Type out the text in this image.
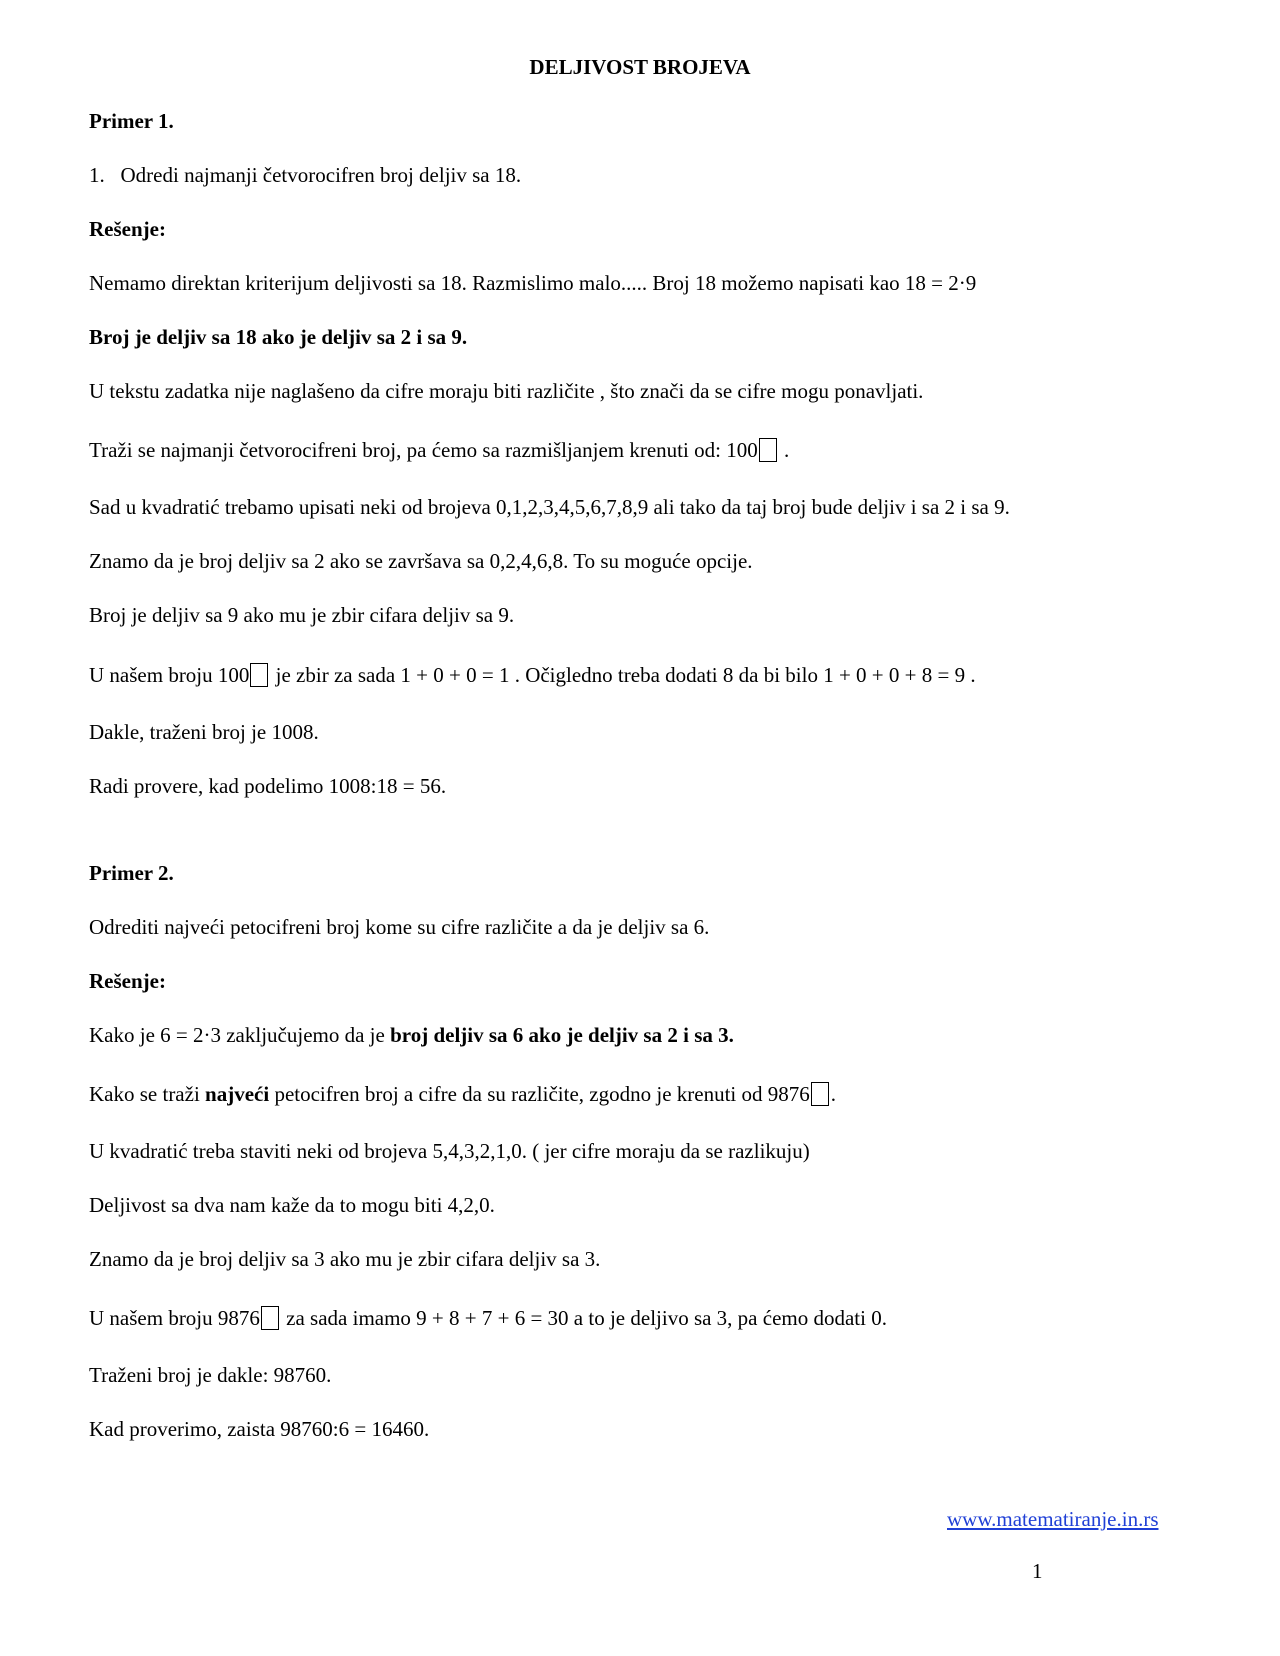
DELJIVOST BROJEVA
Primer 1.
1. Odredi najmanji četvorocifren broj deljiv sa 18.
Rešenje:
Nemamo direktan kriterijum deljivosti sa 18. Razmislimo malo..... Broj 18 možemo napisati kao 18 = 2·9
Broj je deljiv sa 18 ako je deljiv sa 2 i sa 9.
U tekstu zadatka nije naglašeno da cifre moraju biti različite , što znači da se cifre mogu ponavljati.
Traži se najmanji četvorocifreni broj, pa ćemo sa razmišljanjem krenuti od: 100 .
Sad u kvadratić trebamo upisati neki od brojeva 0,1,2,3,4,5,6,7,8,9 ali tako da taj broj bude deljiv i sa 2 i sa 9.
Znamo da je broj deljiv sa 2 ako se završava sa 0,2,4,6,8. To su moguće opcije.
Broj je deljiv sa 9 ako mu je zbir cifara deljiv sa 9.
U našem broju 100 je zbir za sada 1 + 0 + 0 = 1 . Očigledno treba dodati 8 da bi bilo 1 + 0 + 0 + 8 = 9 .
Dakle, traženi broj je 1008.
Radi provere, kad podelimo 1008:18 = 56.
Primer 2.
Odrediti najveći petocifreni broj kome su cifre različite a da je deljiv sa 6.
Rešenje:
Kako je 6 = 2·3 zaključujemo da je broj deljiv sa 6 ako je deljiv sa 2 i sa 3.
Kako se traži najveći petocifren broj a cifre da su različite, zgodno je krenuti od 9876 .
U kvadratić treba staviti neki od brojeva 5,4,3,2,1,0. ( jer cifre moraju da se razlikuju)
Deljivost sa dva nam kaže da to mogu biti 4,2,0.
Znamo da je broj deljiv sa 3 ako mu je zbir cifara deljiv sa 3.
U našem broju 9876 za sada imamo 9 + 8 + 7 + 6 = 30 a to je deljivo sa 3, pa ćemo dodati 0.
Traženi broj je dakle: 98760.
Kad proverimo, zaista 98760:6 = 16460.
www.matematiranje.in.rs
1
